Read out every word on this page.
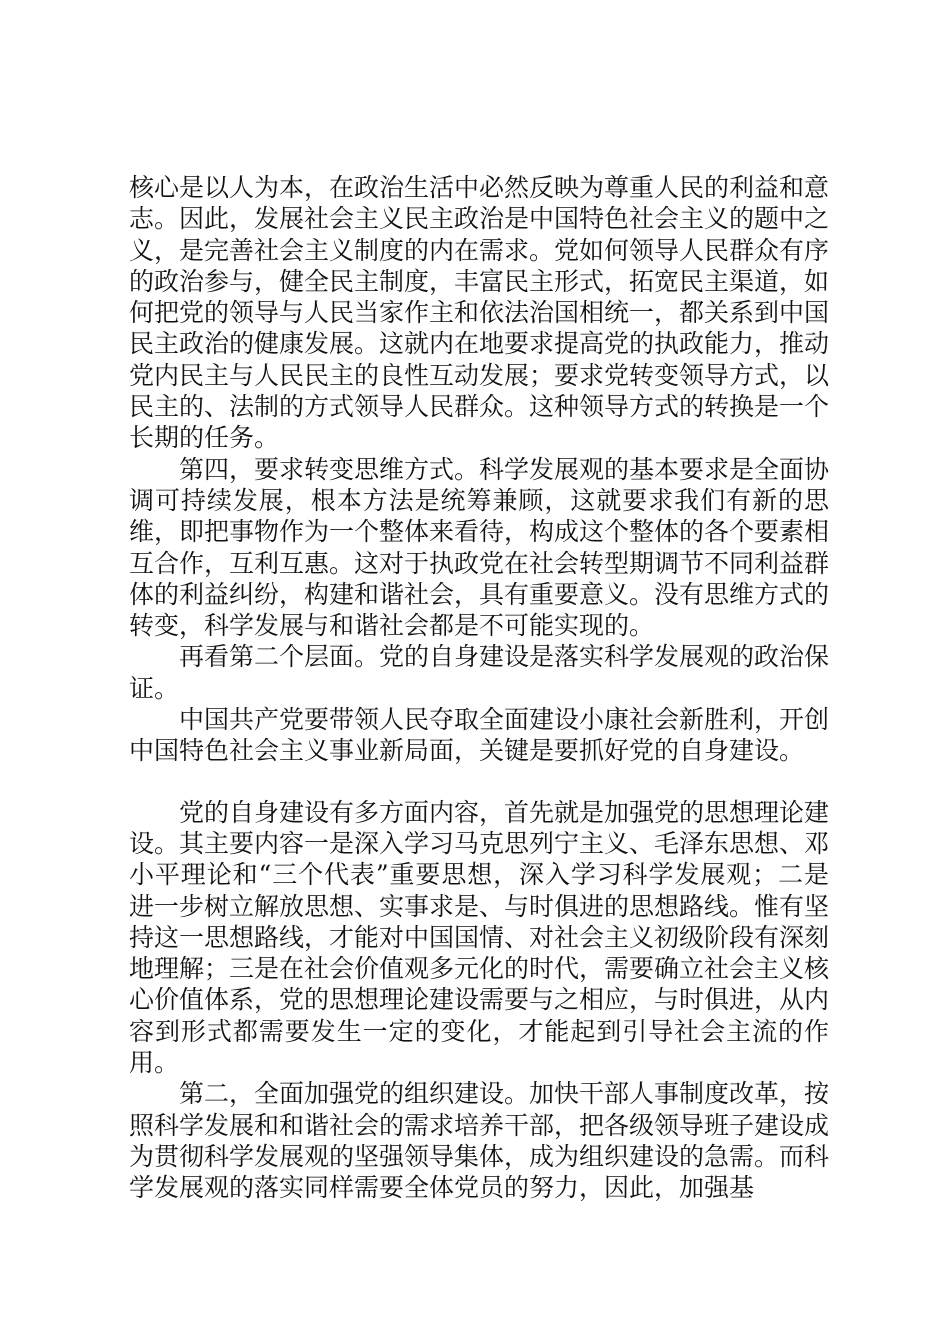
核心是以人为本，在政治生活中必然反映为尊重人民的利益和意志。因此，发展社会主义民主政治是中国特色社会主义的题中之义，是完善社会主义制度的内在需求。党如何领导人民群众有序的政治参与，健全民主制度，丰富民主形式，拓宽民主渠道，如何把党的领导与人民当家作主和依法治国相统一，都关系到中国民主政治的健康发展。这就内在地要求提高党的执政能力，推动党内民主与人民民主的良性互动发展；要求党转变领导方式，以民主的、法制的方式领导人民群众。这种领导方式的转换是一个长期的任务。

第四，要求转变思维方式。科学发展观的基本要求是全面协调可持续发展，根本方法是统筹兼顾，这就要求我们有新的思维，即把事物作为一个整体来看待，构成这个整体的各个要素相互合作，互利互惠。这对于执政党在社会转型期调节不同利益群体的利益纠纷，构建和谐社会，具有重要意义。没有思维方式的转变，科学发展与和谐社会都是不可能实现的。

再看第二个层面。党的自身建设是落实科学发展观的政治保证。

中国共产党要带领人民夺取全面建设小康社会新胜利，开创中国特色社会主义事业新局面，关键是要抓好党的自身建设。

党的自身建设有多方面内容，首先就是加强党的思想理论建设。其主要内容一是深入学习马克思列宁主义、毛泽东思想、邓小平理论和“三个代表”重要思想，深入学习科学发展观；二是进一步树立解放思想、实事求是、与时俱进的思想路线。惟有坚持这一思想路线，才能对中国国情、对社会主义初级阶段有深刻地理解；三是在社会价值观多元化的时代，需要确立社会主义核心价值体系，党的思想理论建设需要与之相应，与时俱进，从内容到形式都需要发生一定的变化，才能起到引导社会主流的作用。

第二，全面加强党的组织建设。加快干部人事制度改革，按照科学发展和和谐社会的需求培养干部，把各级领导班子建设成为贯彻科学发展观的坚强领导集体，成为组织建设的急需。而科学发展观的落实同样需要全体党员的努力，因此，加强基
